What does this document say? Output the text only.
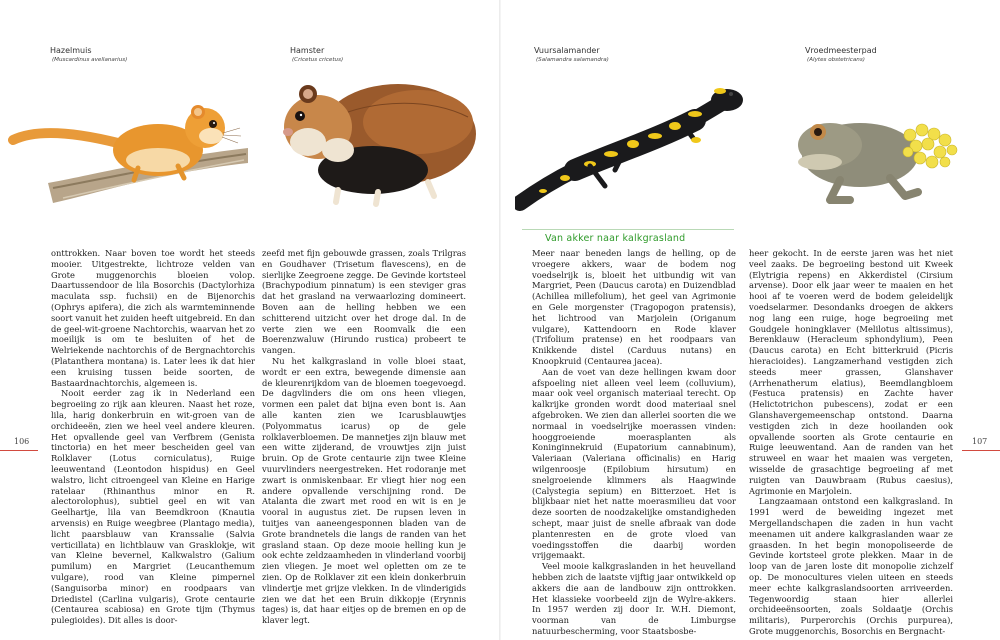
Hazelmuis
(Muscardinus avellanarius)
Hamster
(Cricetus cricetus)
Vuursalamander
(Salamandra salamandra)
Vroedmeesterpad
(Alytes obstetricans)
106	107
Van akker naar kalkgrasland

onttrokken. Naar boven toe wordt het steeds mooier. Uitgestrekte, lichtroze velden van Grote muggenorchis bloeien volop. Daartussendoor de lila Bosorchis (Dactylorhiza maculata ssp. fuchsii) en de Bijenorchis (Ophrys apifera), die zich als warmteminnende soort vanuit het zuiden heeft uitgebreid. En dan de geel-wit-groene Nachtorchis, waarvan het zo moeilijk is om te besluiten of het de Welriekende nachtorchis of de Bergnachtorchis (Platanthera montana) is. Later lees ik dat hier een kruising tussen beide soorten, de Bastaardnachtorchis, algemeen is.

Nooit eerder zag ik in Nederland een begroeiing zo rijk aan kleuren. Naast het roze, lila, harig donkerbruin en wit-groen van de orchideeën, zien we heel veel andere kleuren. Het opvallende geel van Verfbrem (Genista tinctoria) en het meer bescheiden geel van Rolklaver (Lotus corniculatus), Ruige leeuwentand (Leontodon hispidus) en Geel walstro, licht citroengeel van Kleine en Harige ratelaar (Rhinanthus minor en R. alectorolophus), subtiel geel en wit van Geelhartje, lila van Beemdkroon (Knautia arvensis) en Ruige weegbree (Plantago media), licht paarsblauw van Kranssalie (Salvia verticillata) en lichtblauw van Grasklokje, wit van Kleine bevernel, Kalkwalstro (Galium pumilum) en Margriet (Leucanthemum vulgare), rood van Kleine pimpernel (Sanguisorba minor) en roodpaars van Driedistel (Carlina vulgaris), Grote centaurie (Centaurea scabiosa) en Grote tijm (Thymus pulegioides). Dit alles is door-

zeefd met fijn gebouwde grassen, zoals Trilgras en Goudhaver (Trisetum flavescens), en de sierlijke Zeegroene zegge. De Gevinde kortsteel (Brachypodium pinnatum) is een steviger gras dat het grasland na verwaarlozing domineert. Boven aan de helling hebben we een schitterend uitzicht over het droge dal. In de verte zien we een Roomvalk die een Boerenzwaluw (Hirundo rustica) probeert te vangen.

Nu het kalkgrasland in volle bloei staat, wordt er een extra, bewegende dimensie aan de kleurenrijkdom van de bloemen toegevoegd. De dagvlinders die om ons heen vliegen, vormen een palet dat bijna even bont is. Aan alle kanten zien we Icarusblauwtjes (Polyommatus icarus) op de gele rolklaverbloemen. De mannetjes zijn blauw met een witte zijderand, de vrouwtjes zijn juist bruin. Op de Grote centaurie zijn twee Kleine vuurvlinders neergestreken. Het rodoranje met zwart is onmiskenbaar. Er vliegt hier nog een andere opvallende verschijning rond. De Atalanta die zwart met rood en wit is en je vooral in augustus ziet. De rupsen leven in tuitjes van aaneengesponnen bladen van de Grote brandnetels die langs de randen van het grasland staan. Op deze mooie helling kun je ook echte zeldzaamheden in vlinderland voorbij zien vliegen. Je moet wel opletten om ze te zien. Op de Rolklaver zit een klein donkerbruin vlindertje met grijze vlekken. In de vlinderigids zien we dat het een Bruin dikkopje (Erynnis tages) is, dat haar eitjes op de bremen en op de klaver legt.

Meer naar beneden langs de helling, op de vroegere akkers, waar de bodem nog voedselrijk is, bloeit het uitbundig wit van Margriet, Peen (Daucus carota) en Duizendblad (Achillea millefolium), het geel van Agrimonie en Gele morgenster (Tragopogon pratensis), het lichtrood van Marjolein (Origanum vulgare), Kattendoorn en Rode klaver (Trifolium pratense) en het roodpaars van Knikkende distel (Carduus nutans) en Knoopkruid (Centaurea jacea).

Aan de voet van deze hellingen kwam door afspoeling niet alleen veel leem (colluvium), maar ook veel organisch materiaal terecht. Op kalkrijke gronden wordt dood materiaal snel afgebroken. We zien dan allerlei soorten die we normaal in voedselrijke moerassen vinden: hooggroeiende moerasplanten als Koninginnekruid (Eupatorium cannabinum), Valeriaan (Valeriana officinalis) en Harig wilgenroosje (Epilobium hirsutum) en snelgroeiende klimmers als Haagwinde (Calystegia sepium) en Bitterzoet. Het is blijkbaar niet het natte moerasmilieu dat voor deze soorten de noodzakelijke omstandigheden schept, maar juist de snelle afbraak van dode plantenresten en de grote vloed van voedingsstoffen die daarbij worden vrijgemaakt.

Veel mooie kalkgraslanden in het heuvelland hebben zich de laatste vijftig jaar ontwikkeld op akkers die aan de landbouw zijn onttrokken. Het klassieke voorbeeld zijn de Wylre-akkers. In 1957 werden zij door Ir. W.H. Diemont, voorman van de Limburgse natuurbescherming, voor Staatsbosbe-

heer gekocht. In de eerste jaren was het niet veel zaaks. De begroeiing bestond uit Kweek (Elytrigia repens) en Akkerdistel (Cirsium arvense). Door elk jaar weer te maaien en het hooi af te voeren werd de bodem geleidelijk voedselarmer. Desondanks droegen de akkers nog lang een ruige, hoge begroeiing met Goudgele honingklaver (Melilotus altissimus), Berenklauw (Heracleum sphondylium), Peen (Daucus carota) en Echt bitterkruid (Picris hieracioides). Langzamerhand vestigden zich steeds meer grassen, Glanshaver (Arrhenatherum elatius), Beemdlangbloem (Festuca pratensis) en Zachte haver (Helictotrichon pubescens), zodat er een Glanshavergemeenschap ontstond. Daarna vestigden zich in deze hooilanden ook opvallende soorten als Grote centaurie en Ruige leeuwentand. Aan de randen van het struweel en waar het maaien was vergeten, wisselde de grasachtige begroeiing af met ruigten van Dauwbraam (Rubus caesius), Agrimonie en Marjolein.

Langzaamaan ontstond een kalkgrasland. In 1991 werd de beweiding ingezet met Mergellandschapen die zaden in hun vacht meenamen uit andere kalkgraslanden waar ze graasden. In het begin monopoliseerde de Gevinde kortsteel grote plekken. Maar in de loop van de jaren loste dit monopolie zichzelf op. De monocultures vielen uiteen en steeds meer echte kalkgraslandsoorten arriveerden. Tegenwoordig staan hier allerlei orchideeënsoorten, zoals Soldaatje (Orchis militaris), Purperorchis (Orchis purpurea), Grote muggenorchis, Bosorchis en Bergnacht-
